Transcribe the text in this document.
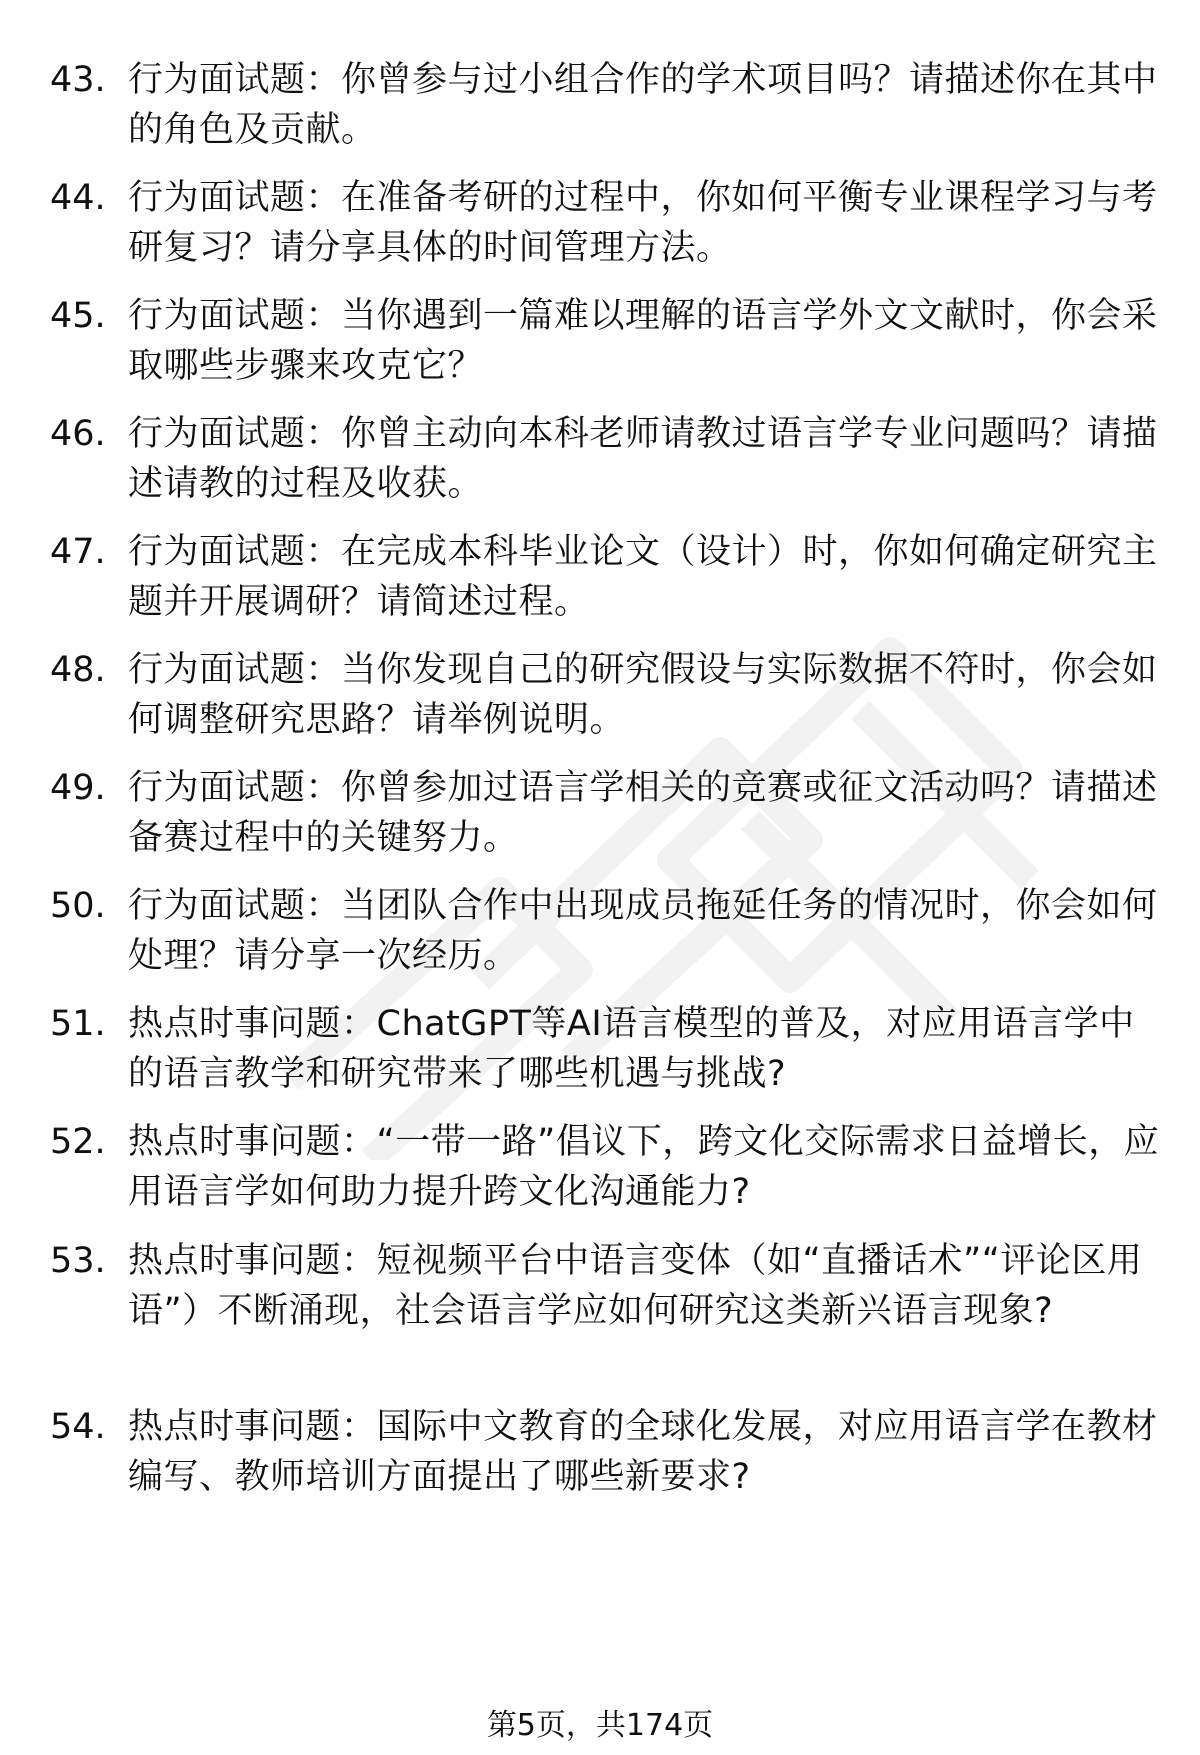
43. 行为面试题：你曾参与过小组合作的学术项目吗？请描述你在其中的角色及贡献。
44. 行为面试题：在准备考研的过程中，你如何平衡专业课程学习与考研复习？请分享具体的时间管理方法。
45. 行为面试题：当你遇到一篇难以理解的语言学外文文献时，你会采取哪些步骤来攻克它？
46. 行为面试题：你曾主动向本科老师请教过语言学专业问题吗？请描述请教的过程及收获。
47. 行为面试题：在完成本科毕业论文（设计）时，你如何确定研究主题并开展调研？请简述过程。
48. 行为面试题：当你发现自己的研究假设与实际数据不符时，你会如何调整研究思路？请举例说明。
49. 行为面试题：你曾参加过语言学相关的竞赛或征文活动吗？请描述备赛过程中的关键努力。
50. 行为面试题：当团队合作中出现成员拖延任务的情况时，你会如何处理？请分享一次经历。
51. 热点时事问题：ChatGPT等AI语言模型的普及，对应用语言学中的语言教学和研究带来了哪些机遇与挑战?
52. 热点时事问题：“一带一路”倡议下，跨文化交际需求日益增长，应用语言学如何助力提升跨文化沟通能力?
53. 热点时事问题：短视频平台中语言变体（如“直播话术”“评论区用语”）不断涌现，社会语言学应如何研究这类新兴语言现象?
54. 热点时事问题：国际中文教育的全球化发展，对应用语言学在教材编写、教师培训方面提出了哪些新要求?
第5页，共174页
